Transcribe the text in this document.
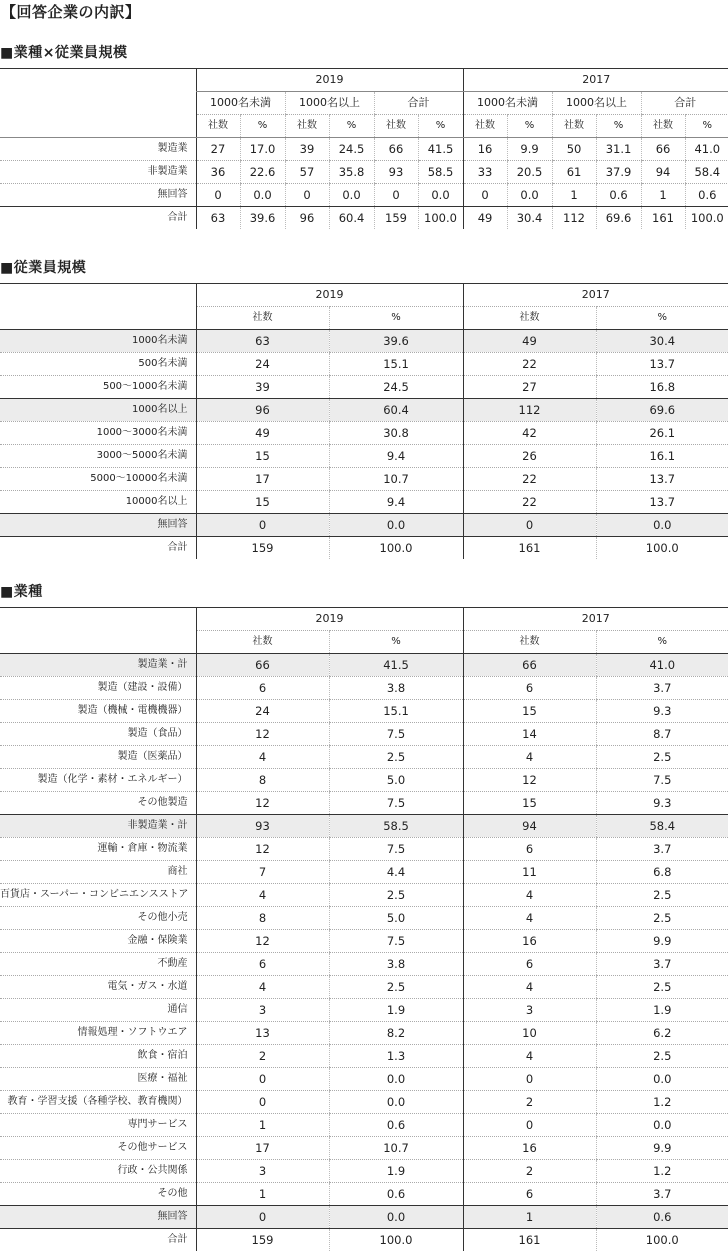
【回答企業の内訳】
■業種×従業員規模
	2019						2017					
	1000名未満		1000名以上		合計		1000名未満		1000名以上		合計	
	社数	%	社数	%	社数	%	社数	%	社数	%	社数	%
製造業	27	17.0	39	24.5	66	41.5	16	9.9	50	31.1	66	41.0
非製造業	36	22.6	57	35.8	93	58.5	33	20.5	61	37.9	94	58.4
無回答	0	0.0	0	0.0	0	0.0	0	0.0	1	0.6	1	0.6
合計	63	39.6	96	60.4	159	100.0	49	30.4	112	69.6	161	100.0
■従業員規模
	2019		2017	
	社数	%	社数	%
1000名未満	63	39.6	49	30.4
500名未満	24	15.1	22	13.7
500～1000名未満	39	24.5	27	16.8
1000名以上	96	60.4	112	69.6
1000～3000名未満	49	30.8	42	26.1
3000～5000名未満	15	9.4	26	16.1
5000～10000名未満	17	10.7	22	13.7
10000名以上	15	9.4	22	13.7
無回答	0	0.0	0	0.0
合計	159	100.0	161	100.0
■業種
	2019		2017	
	社数	%	社数	%
製造業・計	66	41.5	66	41.0
製造（建設・設備）	6	3.8	6	3.7
製造（機械・電機機器）	24	15.1	15	9.3
製造（食品）	12	7.5	14	8.7
製造（医薬品）	4	2.5	4	2.5
製造（化学・素材・エネルギー）	8	5.0	12	7.5
その他製造	12	7.5	15	9.3
非製造業・計	93	58.5	94	58.4
運輸・倉庫・物流業	12	7.5	6	3.7
商社	7	4.4	11	6.8
百貨店・スーパー・コンビニエンスストア	4	2.5	4	2.5
その他小売	8	5.0	4	2.5
金融・保険業	12	7.5	16	9.9
不動産	6	3.8	6	3.7
電気・ガス・水道	4	2.5	4	2.5
通信	3	1.9	3	1.9
情報処理・ソフトウエア	13	8.2	10	6.2
飲食・宿泊	2	1.3	4	2.5
医療・福祉	0	0.0	0	0.0
教育・学習支援（各種学校、教育機関）	0	0.0	2	1.2
専門サービス	1	0.6	0	0.0
その他サービス	17	10.7	16	9.9
行政・公共関係	3	1.9	2	1.2
その他	1	0.6	6	3.7
無回答	0	0.0	1	0.6
合計	159	100.0	161	100.0
